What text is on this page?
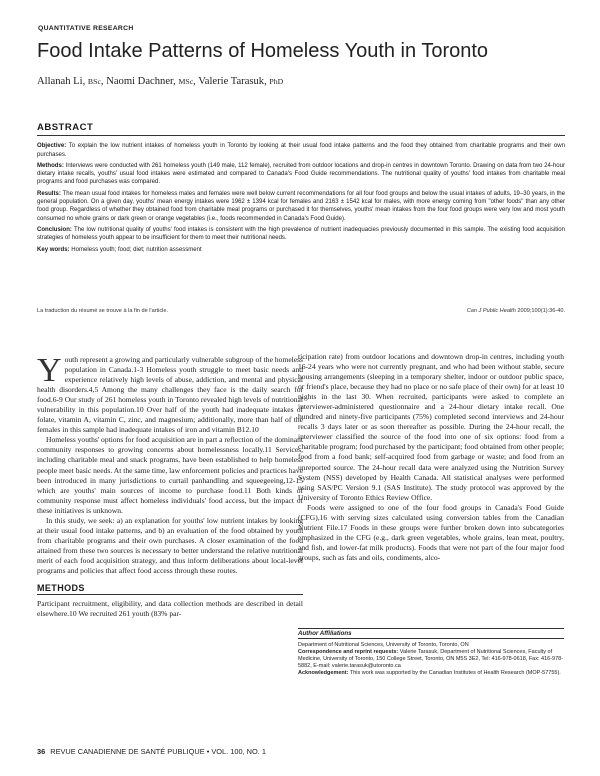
QUANTITATIVE RESEARCH
Food Intake Patterns of Homeless Youth in Toronto
Allanah Li, BSc, Naomi Dachner, MSc, Valerie Tarasuk, PhD
ABSTRACT

Objective: To explain the low nutrient intakes of homeless youth in Toronto by looking at their usual food intake patterns and the food they obtained from charitable programs and their own purchases.

Methods: Interviews were conducted with 261 homeless youth (149 male, 112 female), recruited from outdoor locations and drop-in centres in downtown Toronto. Drawing on data from two 24-hour dietary intake recalls, youths' usual food intakes were estimated and compared to Canada's Food Guide recommendations. The nutritional quality of youths' food intakes from charitable meal programs and food purchases was compared.

Results: The mean usual food intakes for homeless males and females were well below current recommendations for all four food groups and below the usual intakes of adults, 19–30 years, in the general population. On a given day, youths' mean energy intakes were 1962 ± 1394 kcal for females and 2163 ± 1542 kcal for males, with more energy coming from "other foods" than any other food group. Regardless of whether they obtained food from charitable meal programs or purchased it for themselves, youths' mean intakes from the four food groups were very low and most youth consumed no whole grains or dark green or orange vegetables (i.e., foods recommended in Canada's Food Guide).

Conclusion: The low nutritional quality of youths' food intakes is consistent with the high prevalence of nutrient inadequacies previously documented in this sample. The existing food acquisition strategies of homeless youth appear to be insufficient for them to meet their nutritional needs.

Key words: Homeless youth; food; diet; nutrition assessment

La traduction du résumé se trouve à la fin de l'article.	Can J Public Health 2009;100(1):36-40.

Youth represent a growing and particularly vulnerable subgroup of the homeless population in Canada.1-3 Homeless youth struggle to meet basic needs and experience relatively high levels of abuse, addiction, and mental and physical health disorders.4,5 Among the many challenges they face is the daily search for food.6-9 Our study of 261 homeless youth in Toronto revealed high levels of nutritional vulnerability in this population.10 Over half of the youth had inadequate intakes of folate, vitamin A, vitamin C, zinc, and magnesium; additionally, more than half of the females in this sample had inadequate intakes of iron and vitamin B12.10

Homeless youths' options for food acquisition are in part a reflection of the dominant community responses to growing concerns about homelessness locally.11 Services, including charitable meal and snack programs, have been established to help homeless people meet basic needs. At the same time, law enforcement policies and practices have been introduced in many jurisdictions to curtail panhandling and squeegeeing,12-15 which are youths' main sources of income to purchase food.11 Both kinds of community response must affect homeless individuals' food access, but the impact of these initiatives is unknown.

In this study, we seek: a) an explanation for youths' low nutrient intakes by looking at their usual food intake patterns, and b) an evaluation of the food obtained by youth from charitable programs and their own purchases. A closer examination of the food attained from these two sources is necessary to better understand the relative nutritional merit of each food acquisition strategy, and thus inform deliberations about local-level programs and policies that affect food access through these routes.

METHODS

Participant recruitment, eligibility, and data collection methods are described in detail elsewhere.10 We recruited 261 youth (83% par-

ticipation rate) from outdoor locations and downtown drop-in centres, including youth 16-24 years who were not currently pregnant, and who had been without stable, secure housing arrangements (sleeping in a temporary shelter, indoor or outdoor public space, or friend's place, because they had no place or no safe place of their own) for at least 10 nights in the last 30. When recruited, participants were asked to complete an interviewer-administered questionnaire and a 24-hour dietary intake recall. One hundred and ninety-five participants (75%) completed second interviews and 24-hour recalls 3 days later or as soon thereafter as possible. During the 24-hour recall, the interviewer classified the source of the food into one of six options: food from a charitable program; food purchased by the participant; food obtained from other people; food from a food bank; self-acquired food from garbage or waste; and food from an unreported source. The 24-hour recall data were analyzed using the Nutrition Survey System (NSS) developed by Health Canada. All statistical analyses were performed using SAS/PC Version 9.1 (SAS Institute). The study protocol was approved by the University of Toronto Ethics Review Office.

Foods were assigned to one of the four food groups in Canada's Food Guide (CFG),16 with serving sizes calculated using conversion tables from the Canadian Nutrient File.17 Foods in these groups were further broken down into subcategories emphasized in the CFG (e.g., dark green vegetables, whole grains, lean meat, poultry, and fish, and lower-fat milk products). Foods that were not part of the four major food groups, such as fats and oils, condiments, alco-

Author Affiliations

Department of Nutritional Sciences, University of Toronto, Toronto, ON

Correspondence and reprint requests: Valerie Tarasuk, Department of Nutritional Sciences, Faculty of Medicine, University of Toronto, 150 College Street, Toronto, ON M5S 3E2, Tel: 416-978-0618, Fax: 416-978-5882, E-mail: valerie.tarasuk@utoronto.ca

Acknowledgement: This work was supported by the Canadian Institutes of Health Research (MOP-57755).

36 REVUE CANADIENNE DE SANTÉ PUBLIQUE • VOL. 100, NO. 1
